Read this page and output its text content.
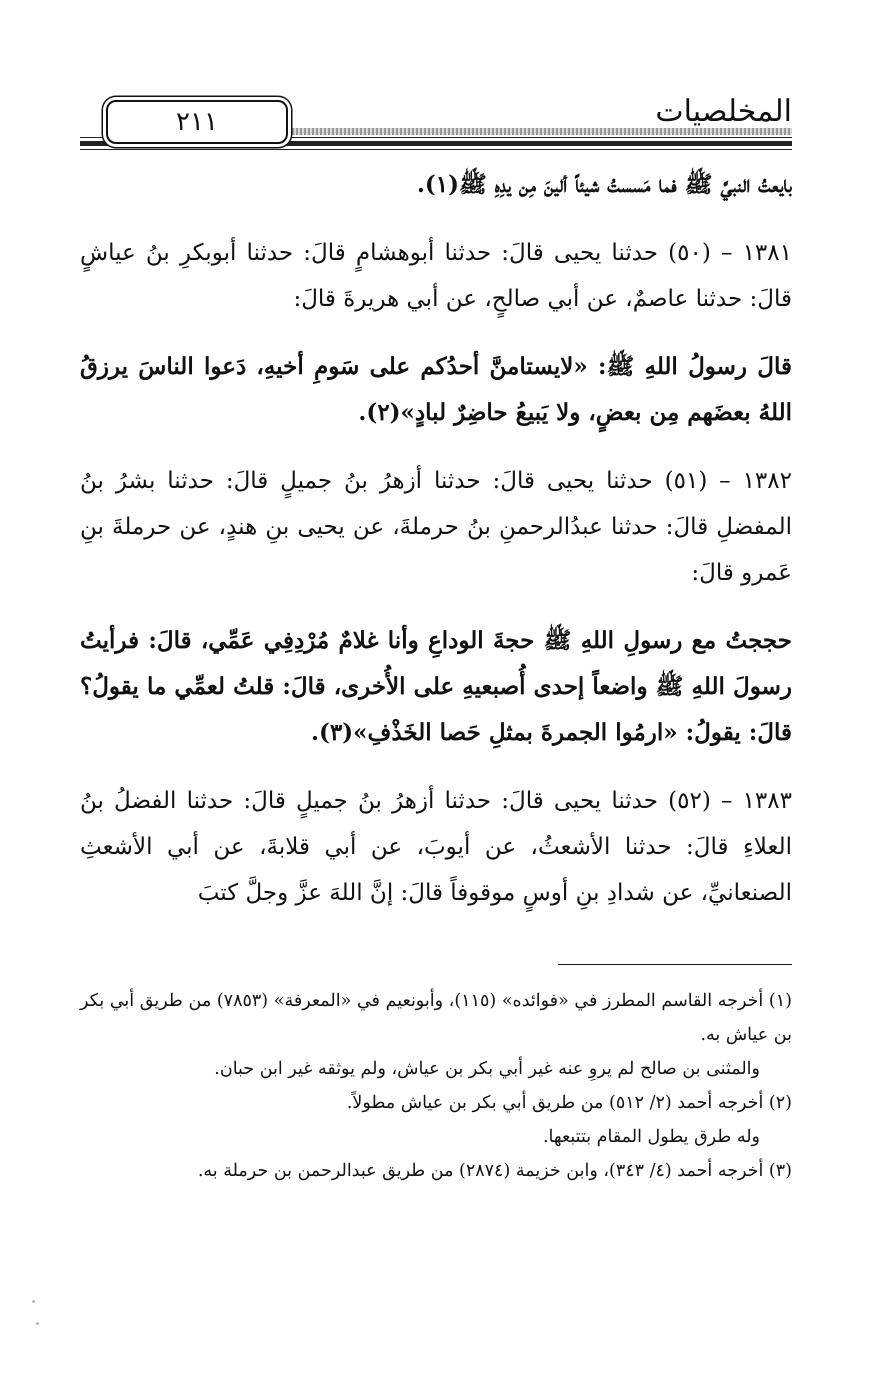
المخلصيات
٢١١

بايعتُ النبيَّ ﷺ فما مَسستُ شيئاً ألينَ مِن يدِهِ ﷺ(١).

١٣٨١ – (٥٠) حدثنا يحيى قالَ: حدثنا أبوهشامٍ قالَ: حدثنا أبوبكرِ بنُ عياشٍ قالَ: حدثنا عاصمٌ، عن أبي صالحٍ، عن أبي هريرةَ قالَ:

قالَ رسولُ اللهِ ﷺ: «لايستامنَّ أحدُكم على سَومِ أخيهِ، دَعوا الناسَ يرزقُ اللهُ بعضَهم مِن بعضٍ، ولا يَبيعُ حاضِرٌ لبادٍ»(٢).

١٣٨٢ – (٥١) حدثنا يحيى قالَ: حدثنا أزهرُ بنُ جميلٍ قالَ: حدثنا بشرُ بنُ المفضلِ قالَ: حدثنا عبدُالرحمنِ بنُ حرملةَ، عن يحيى بنِ هندٍ، عن حرملةَ بنِ عَمرو قالَ:

حججتُ مع رسولِ اللهِ ﷺ حجةَ الوداعِ وأنا غلامٌ مُرْدِفِي عَمِّي، قالَ: فرأيتُ رسولَ اللهِ ﷺ واضعاً إحدى أُصبعيهِ على الأُخرى، قالَ: قلتُ لعمِّي ما يقولُ؟ قالَ: يقولُ: «ارمُوا الجمرةَ بمثلِ حَصا الخَذْفِ»(٣).

١٣٨٣ – (٥٢) حدثنا يحيى قالَ: حدثنا أزهرُ بنُ جميلٍ قالَ: حدثنا الفضلُ بنُ العلاءِ قالَ: حدثنا الأشعثُ، عن أيوبَ، عن أبي قلابةَ، عن أبي الأشعثِ الصنعانيِّ، عن شدادِ بنِ أوسٍ موقوفاً قالَ: إنَّ اللهَ عزَّ وجلَّ كتبَ

(١) أخرجه القاسم المطرز في «فوائده» (١١٥)، وأبونعيم في «المعرفة» (٧٨٥٣) من طريق أبي بكر بن عياش به.

والمثنى بن صالح لم يروِ عنه غير أبي بكر بن عياش، ولم يوثقه غير ابن حبان.

(٢) أخرجه أحمد (٢/ ٥١٢) من طريق أبي بكر بن عياش مطولاً.

وله طرق يطول المقام بتتبعها.

(٣) أخرجه أحمد (٤/ ٣٤٣)، وابن خزيمة (٢٨٧٤) من طريق عبدالرحمن بن حرملة به.
